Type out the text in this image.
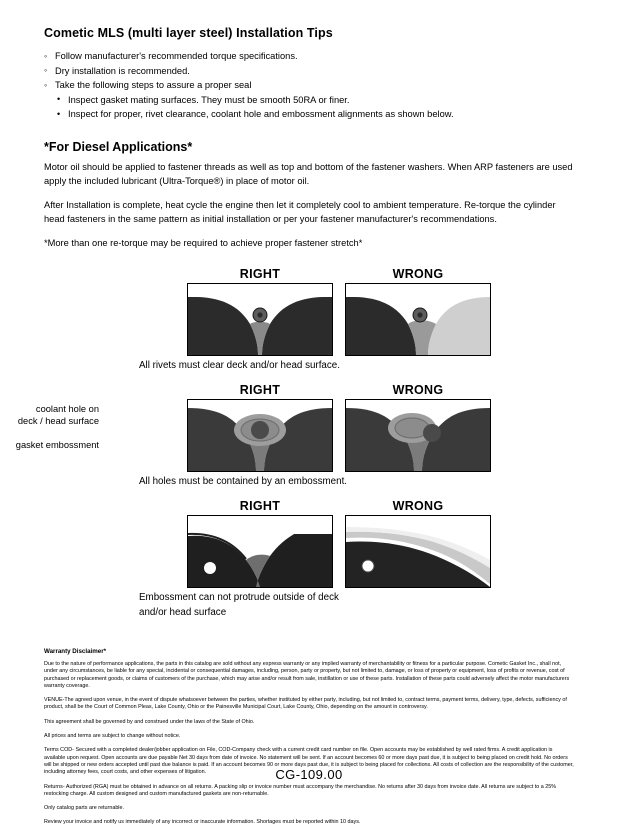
Cometic MLS (multi layer steel) Installation Tips
◦ Follow manufacturer's recommended torque specifications.
◦ Dry installation is recommended.
◦ Take the following steps to assure a proper seal
• Inspect gasket mating surfaces. They must be smooth 50RA or finer.
• Inspect for proper, rivet clearance, coolant hole and embossment alignments as shown below.
*For Diesel Applications*

Motor oil should be applied to fastener threads as well as top and bottom of the fastener washers. When ARP fasteners are used apply the included lubricant (Ultra-Torque®) in place of motor oil.

After Installation is complete, heat cycle the engine then let it completely cool to ambient temperature. Re-torque the cylinder head fasteners in the same pattern as initial installation or per your fastener manufacturer's recommendations.

*More than one re-torque may be required to achieve proper fastener stretch*

RIGHT	WRONG
All rivets must clear deck and/or head surface.
coolant hole on
deck / head surface
gasket embossment
RIGHT	WRONG
All holes must be contained by an embossment.
RIGHT	WRONG
Embossment can not protrude outside of deck
and/or head surface
Warranty Disclaimer*

Due to the nature of performance applications, the parts in this catalog are sold without any express warranty or any implied warranty of merchantability or fitness for a particular purpose. Cometic Gasket Inc., shall not, under any circumstances, be liable for any special, incidental or consequential damages, including, person, party or property, but not limited to, damage, or loss of property or equipment, loss of profits or revenue, cost of purchased or replacement goods, or claims of customers of the purchase, which may arise and/or result from sale, instillation or use of these parts. Installation of these parts could adversely affect the motor manufacturers warranty coverage.

VENUE-The agreed upon venue, in the event of dispute whatsoever between the parties, whether instituted by either party, including, but not limited to, contract terms, payment terms, delivery, type, defects, sufficiency of product, shall be the Court of Common Pleas, Lake County, Ohio or the Painesville Municipal Court, Lake County, Ohio, depending on the amount in controversy.

This agreement shall be governed by and construed under the laws of the State of Ohio.

All prices and terms are subject to change without notice.

Terms COD- Secured with a completed dealer/jobber application on File, COD-Company check with a current credit card number on file. Open accounts may be established by well rated firms. A credit application is available upon request. Open accounts are due payable Net 30 days from date of invoice. No statement will be sent. If an account becomes 60 or more days past due, it is subject to being placed on credit hold. No orders will be shipped or new orders accepted until past due balance is paid. If an account becomes 90 or more days past due, it is subject to being placed for collections. All costs of collection are the responsibility of the customer, including attorney fees, court costs, and other expenses of litigation.

Returns- Authorized (RGA) must be obtained in advance on all returns. A packing slip or invoice number must accompany the merchandise. No returns after 30 days from invoice date. All returns are subject to a 25% restocking charge. All custom designed and custom manufactured gaskets are non-returnable.

Only catalog parts are returnable.

Review your invoice and notify us immediately of any incorrect or inaccurate information. Shortages must be reported within 10 days.

CG-109.00
